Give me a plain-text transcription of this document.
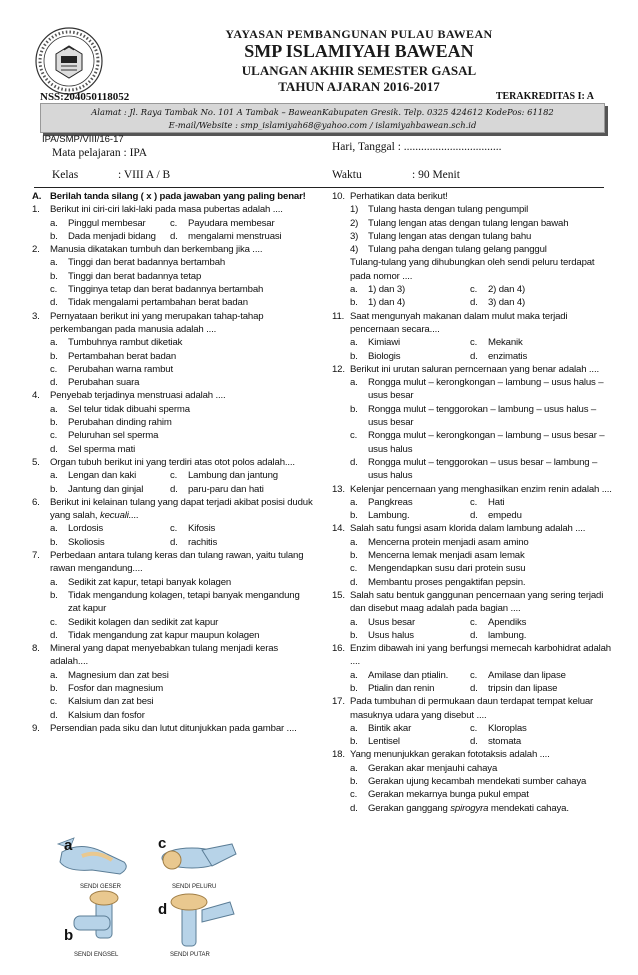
YAYASAN PEMBANGUNAN PULAU BAWEAN
SMP ISLAMIYAH BAWEAN
ULANGAN AKHIR SEMESTER GASAL
TAHUN AJARAN 2016-2017
NSS:204050118052	TERAKREDITAS I: A
Alamat : Jl. Raya Tambak No. 101 A Tambak – BaweanKabupaten Gresik. Telp. 0325 424612 KodePos: 61182
E-mail/Website : smp_islamiyah68@yahoo.com / islamiyahbawean.sch.id
IPA/SMP/VIII/16-17
Mata pelajaran : IPA	Hari, Tanggal : ..................................
Kelas	: VIII A / B	Waktu	: 90 Menit
A. Berilah tanda silang ( x ) pada jawaban yang paling benar!
1. Berikut ini ciri-ciri laki-laki pada masa pubertas adalah ....
a. Pinggul membesar	c. Payudara membesar
b. Dada menjadi bidang	d. mengalami menstruasi
2. Manusia dikatakan tumbuh dan berkembang jika ....
a. Tinggi dan berat badannya bertambah
b. Tinggi dan berat badannya tetap
c. Tingginya tetap dan berat badannya bertambah
d. Tidak mengalami pertambahan berat badan
3. Pernyataan berikut ini yang merupakan tahap-tahap perkembangan pada manusia adalah ....
a. Tumbuhnya rambut diketiak
b. Pertambahan berat badan
c. Perubahan warna rambut
d. Perubahan suara
4. Penyebab terjadinya menstruasi adalah ....
a. Sel telur tidak dibuahi sperma
b. Perubahan dinding rahim
c. Peluruhan sel sperma
d. Sel sperma mati
5. Organ tubuh berikut ini yang terdiri atas otot polos adalah....
a. Lengan dan kaki	c. Lambung dan jantung
b. Jantung dan ginjal	d. paru-paru dan hati
6. Berikut ini kelainan tulang yang dapat terjadi akibat posisi duduk yang salah, kecuali....
a. Lordosis	c. Kifosis
b. Skoliosis	d. rachitis
7. Perbedaan antara tulang keras dan tulang rawan, yaitu tulang rawan mengandung....
a. Sedikit zat kapur, tetapi banyak kolagen
b. Tidak mengandung kolagen, tetapi banyak mengandung zat kapur
c. Sedikit kolagen dan sedikit zat kapur
d. Tidak mengandung zat kapur maupun kolagen
8. Mineral yang dapat menyebabkan tulang menjadi keras adalah....
a. Magnesium dan zat besi
b. Fosfor dan magnesium
c. Kalsium dan zat besi
d. Kalsium dan fosfor
9. Persendian pada siku dan lutut ditunjukkan pada gambar ....
a
SENDI GESER
c
SENDI PELURU
b
SENDI ENGSEL
d
SENDI PUTAR
10. Perhatikan data berikut!
1) Tulang hasta dengan tulang pengumpil
2) Tulang lengan atas dengan tulang lengan bawah
3) Tulang lengan atas dengan tulang bahu
4) Tulang paha dengan tulang gelang panggul
Tulang-tulang yang dihubungkan oleh sendi peluru terdapat pada nomor ....
a. 1) dan 3)	c. 2) dan 4)
b. 1) dan 4)	d. 3) dan 4)
11. Saat mengunyah makanan dalam mulut maka terjadi pencernaan secara....
a. Kimiawi	c. Mekanik
b. Biologis	d. enzimatis
12. Berikut ini urutan saluran perncernaan yang benar adalah ....
a. Rongga mulut – kerongkongan – lambung – usus halus – usus besar
b. Rongga mulut – tenggorokan – lambung – usus halus – usus besar
c. Rongga mulut – kerongkongan – lambung – usus besar – usus halus
d. Rongga mulut – tenggorokan – usus besar – lambung – usus halus
13. Kelenjar pencernaan yang menghasilkan enzim renin adalah ....
a. Pangkreas	c. Hati
b. Lambung.	d. empedu
14. Salah satu fungsi asam klorida dalam lambung adalah ....
a. Mencerna protein menjadi asam amino
b. Mencerna lemak menjadi asam lemak
c. Mengendapkan susu dari protein susu
d. Membantu proses pengaktifan pepsin.
15. Salah satu bentuk ganggunan pencernaan yang sering terjadi dan disebut maag adalah pada bagian ....
a. Usus besar	c. Apendiks
b. Usus halus	d. lambung.
16. Enzim dibawah ini yang berfungsi memecah karbohidrat adalah ....
a. Amilase dan ptialin.	c. Amilase dan lipase
b. Ptialin dan renin	d. tripsin dan lipase
17. Pada tumbuhan di permukaan daun terdapat tempat keluar masuknya udara yang disebut ....
a. Bintik akar	c. Kloroplas
b. Lentisel	d. stomata
18. Yang menunjukkan gerakan fototaksis adalah ....
a. Gerakan akar menjauhi cahaya
b. Gerakan ujung kecambah mendekati sumber cahaya
c. Gerakan mekarnya bunga pukul empat
d. Gerakan ganggang spirogyra mendekati cahaya.
